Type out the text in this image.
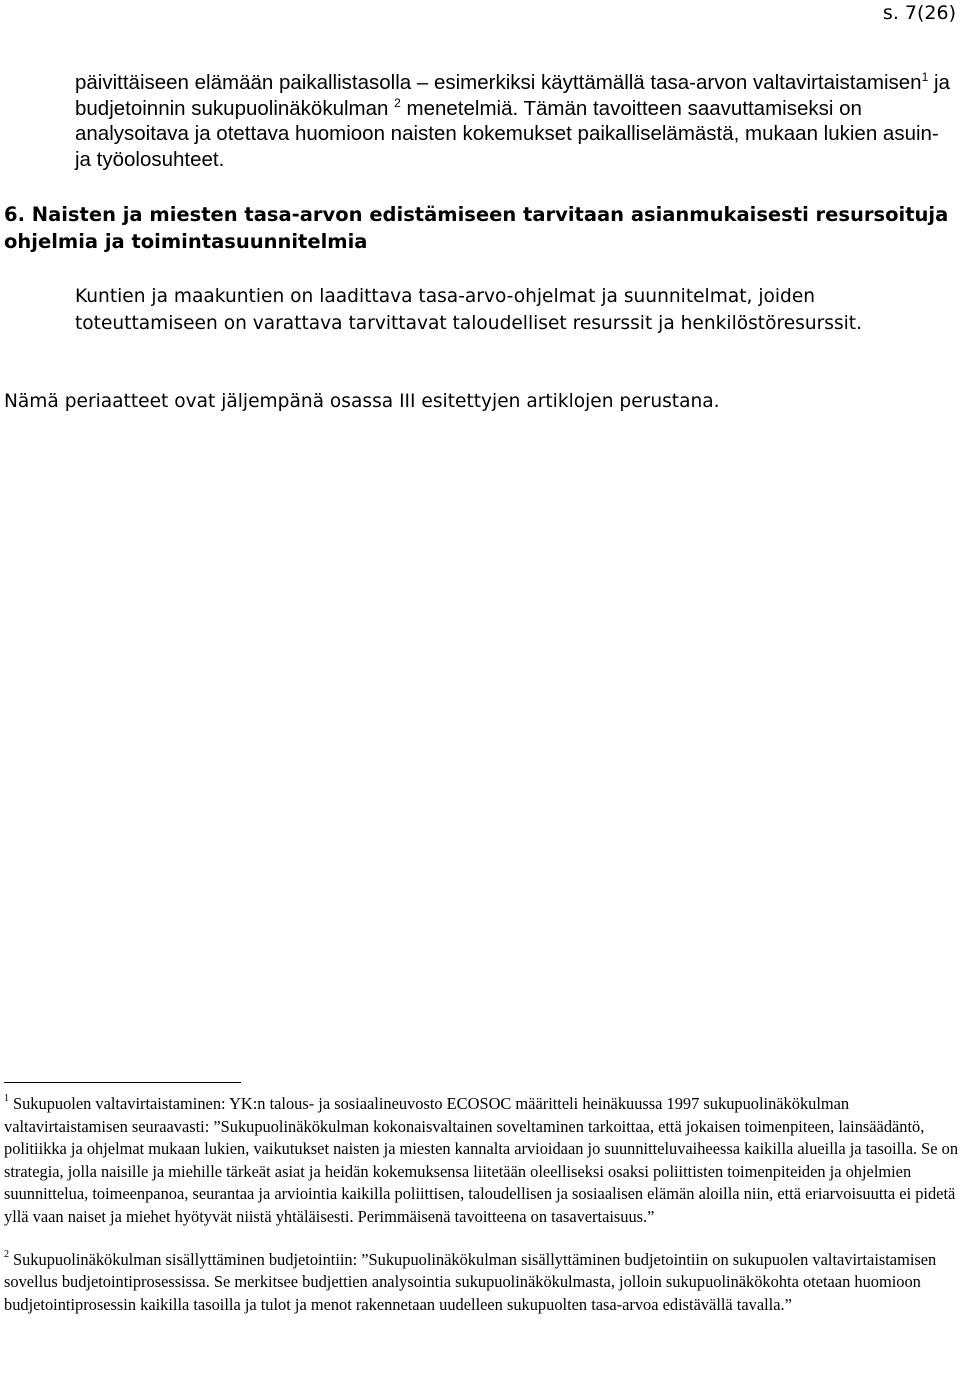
s. 7(26)

päivittäiseen elämään paikallistasolla – esimerkiksi käyttämällä tasa-arvon valtavirtaistamisen$^1$ ja budjetoinnin sukupuolinäkökulman $^2$ menetelmiä. Tämän tavoitteen saavuttamiseksi on analysoitava ja otettava huomioon naisten kokemukset paikalliselämästä, mukaan lukien asuin- ja työolosuhteet.

6. Naisten ja miesten tasa-arvon edistämiseen tarvitaan asianmukaisesti resursoituja ohjelmia ja toimintasuunnitelmia

Kuntien ja maakuntien on laadittava tasa-arvo-ohjelmat ja suunnitelmat, joiden toteuttamiseen on varattava tarvittavat taloudelliset resurssit ja henkilöstöresurssit.

Nämä periaatteet ovat jäljempänä osassa III esitettyjen artiklojen perustana.

$^1$ Sukupuolen valtavirtaistaminen: YK:n talous- ja sosiaalineuvosto ECOSOC määritteli heinäkuussa 1997 sukupuolinäkökulman valtavirtaistamisen seuraavasti: ”Sukupuolinäkökulman kokonaisvaltainen soveltaminen tarkoittaa, että jokaisen toimenpiteen, lainsäädäntö, politiikka ja ohjelmat mukaan lukien, vaikutukset naisten ja miesten kannalta arvioidaan jo suunnitteluvaiheessa kaikilla alueilla ja tasoilla. Se on strategia, jolla naisille ja miehille tärkeät asiat ja heidän kokemuksensa liitetään oleelliseksi osaksi poliittisten toimenpiteiden ja ohjelmien suunnittelua, toimeenpanoa, seurantaa ja arviointia kaikilla poliittisen, taloudellisen ja sosiaalisen elämän aloilla niin, että eriarvoisuutta ei pidetä yllä vaan naiset ja miehet hyötyvät niistä yhtäläisesti. Perimmäisenä tavoitteena on tasavertaisuus.”

$^2$ Sukupuolinäkökulman sisällyttäminen budjetointiin: ”Sukupuolinäkökulman sisällyttäminen budjetointiin on sukupuolen valtavirtaistamisen sovellus budjetointiprosessissa. Se merkitsee budjettien analysointia sukupuolinäkökulmasta, jolloin sukupuolinäkökohta otetaan huomioon budjetointiprosessin kaikilla tasoilla ja tulot ja menot rakennetaan uudelleen sukupuolten tasa-arvoa edistävällä tavalla.”
